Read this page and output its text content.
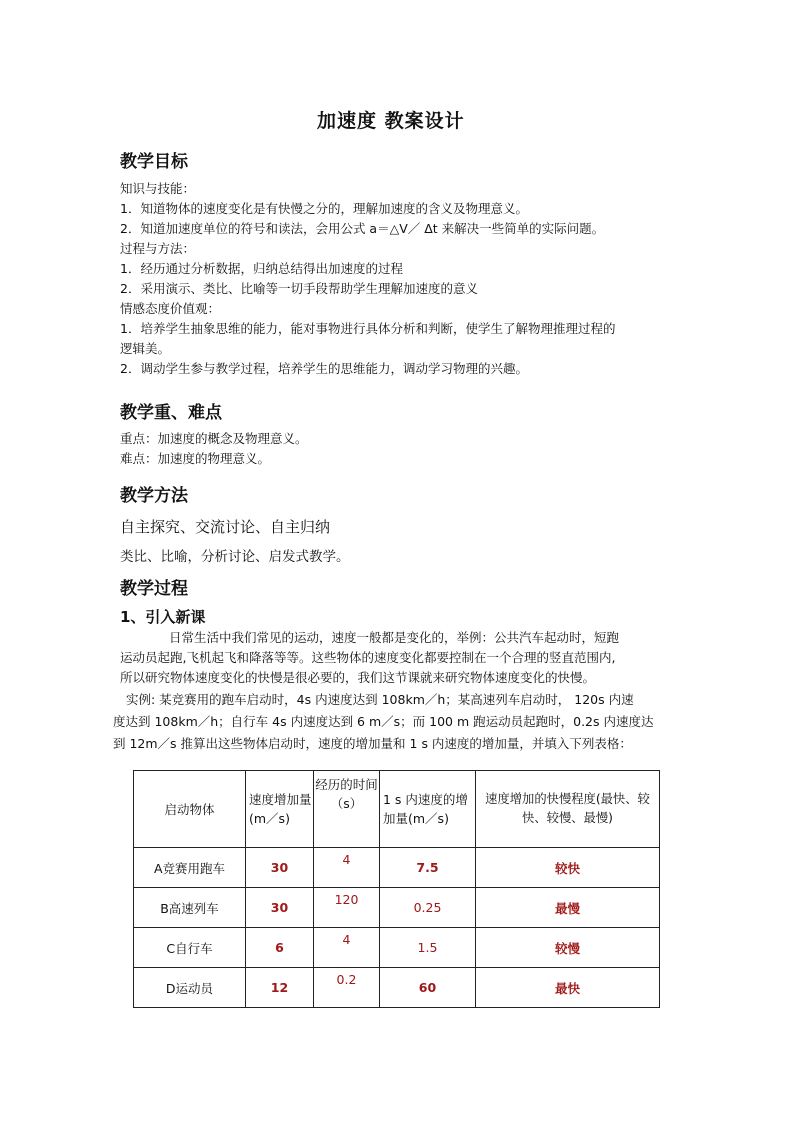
加速度 教案设计
教学目标
知识与技能：
1．知道物体的速度变化是有快慢之分的，理解加速度的含义及物理意义。
2．知道加速度单位的符号和读法，会用公式 a＝△V／ Δt 来解决一些简单的实际问题。
过程与方法：
1．经历通过分析数据，归纳总结得出加速度的过程
2．采用演示、类比、比喻等一切手段帮助学生理解加速度的意义
情感态度价值观：
1．培养学生抽象思维的能力，能对事物进行具体分析和判断，使学生了解物理推理过程的
逻辑美。
2．调动学生参与教学过程，培养学生的思维能力，调动学习物理的兴趣。
教学重、难点
重点：加速度的概念及物理意义。
难点：加速度的物理意义。
教学方法
自主探究、交流讨论、自主归纳
类比、比喻，分析讨论、启发式教学。
教学过程
1、引入新课
日常生活中我们常见的运动，速度一般都是变化的，举例：公共汽车起动时，短跑
运动员起跑,飞机起飞和降落等等。这些物体的速度变化都要控制在一个合理的竖直范围内,
所以研究物体速度变化的快慢是很必要的，我们这节课就来研究物体速度变化的快慢。
实例: 某竞赛用的跑车启动时，4s 内速度达到 108km／h；某高速列车启动时， 120s 内速
度达到 108km／h；自行车 4s 内速度达到 6 m／s；而 100 m 跑运动员起跑时，0.2s 内速度达
到 12m／s 推算出这些物体启动时，速度的增加量和 1 s 内速度的增加量，并填入下列表格：
启动物体	速度增加量(m／s)	经历的时间（s）	1 s 内速度的增加量(m／s)	速度增加的快慢程度(最快、较快、较慢、最慢)
A竞赛用跑车	30	4	7.5	较快
B高速列车	30	120	0.25	最慢
C自行车	6	4	1.5	较慢
D运动员	12	0.2	60	最快
